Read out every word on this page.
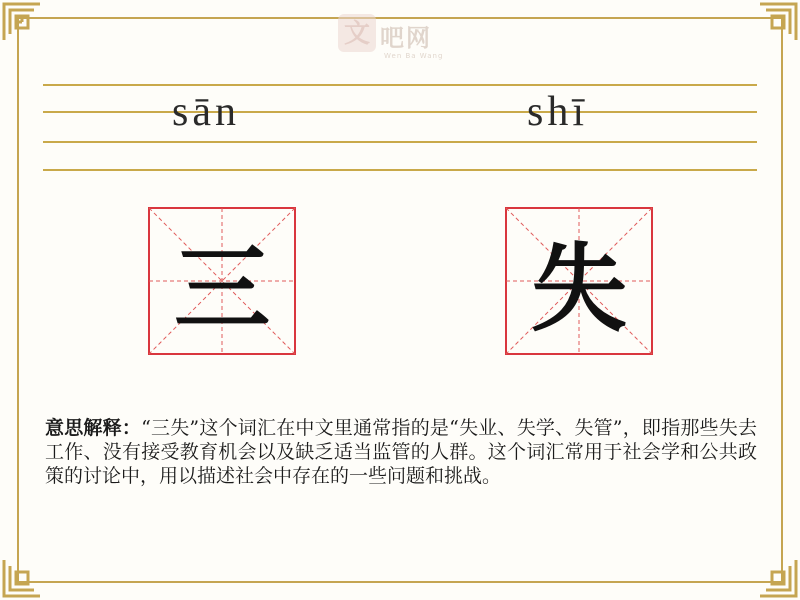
文 吧网
Wen Ba Wang
sān	shī
三	失
意思解释：“三失”这个词汇在中文里通常指的是“失业、失学、失管”，即指那些失去工作、没有接受教育机会以及缺乏适当监管的人群。这个词汇常用于社会学和公共政策的讨论中，用以描述社会中存在的一些问题和挑战。
